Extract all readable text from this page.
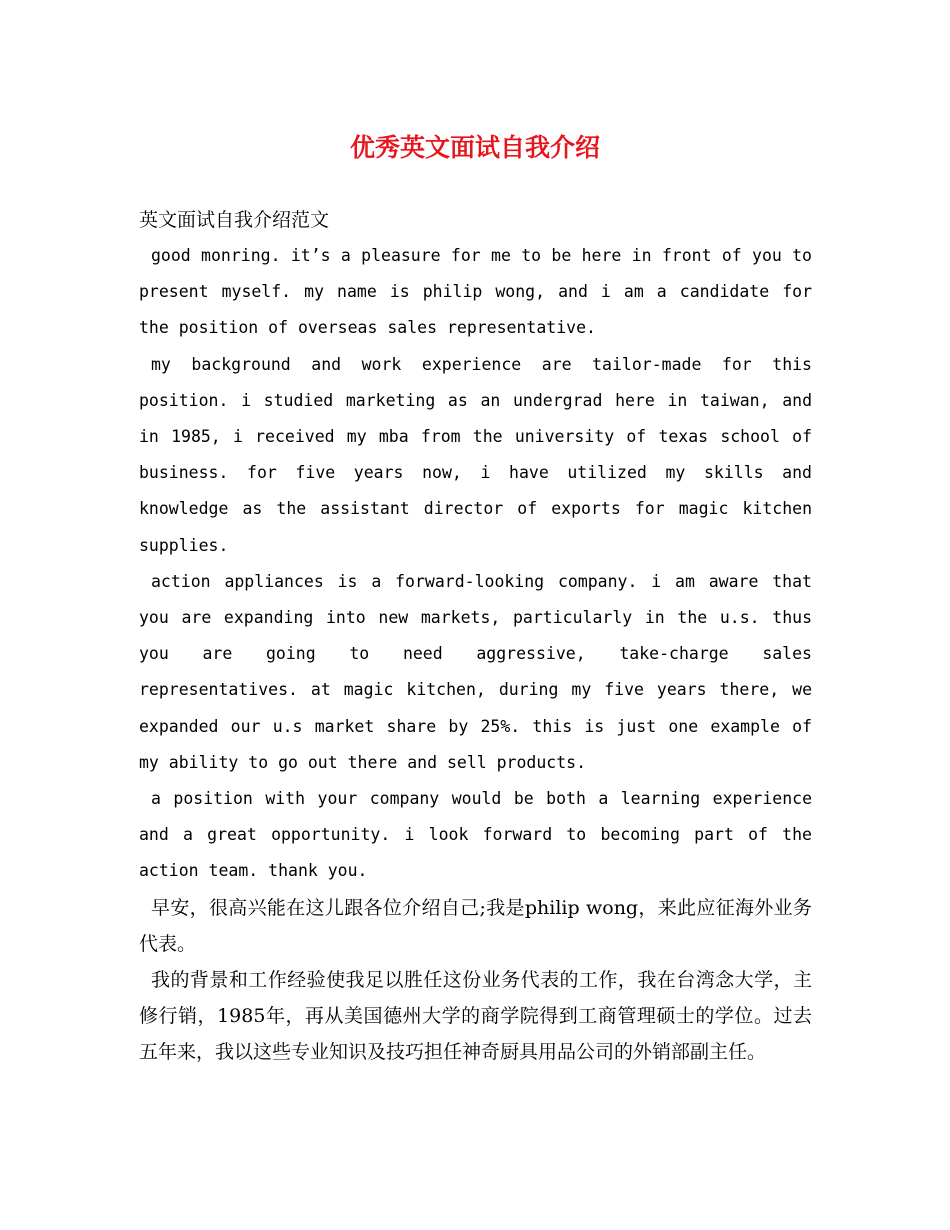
优秀英文面试自我介绍
英文面试自我介绍范文

good monring. it’s a pleasure for me to be here in front of you to present myself. my name is philip wong, and i am a candidate for the position of overseas sales representative.

my background and work experience are tailor-made for this position. i studied marketing as an undergrad here in taiwan, and in 1985, i received my mba from the university of texas school of business. for five years now, i have utilized my skills and knowledge as the assistant director of exports for magic kitchen supplies.

action appliances is a forward-looking company. i am aware that you are expanding into new markets, particularly in the u.s. thus you are going to need aggressive, take-charge sales representatives. at magic kitchen, during my five years there, we expanded our u.s market share by 25%. this is just one example of my ability to go out there and sell products.

a position with your company would be both a learning experience and a great opportunity. i look forward to becoming part of the action team. thank you.

早安，很高兴能在这儿跟各位介绍自己;我是philip wong，来此应征海外业务代表。

我的背景和工作经验使我足以胜任这份业务代表的工作，我在台湾念大学，主修行销，1985年，再从美国德州大学的商学院得到工商管理硕士的学位。过去五年来，我以这些专业知识及技巧担任神奇厨具用品公司的外销部副主任。
